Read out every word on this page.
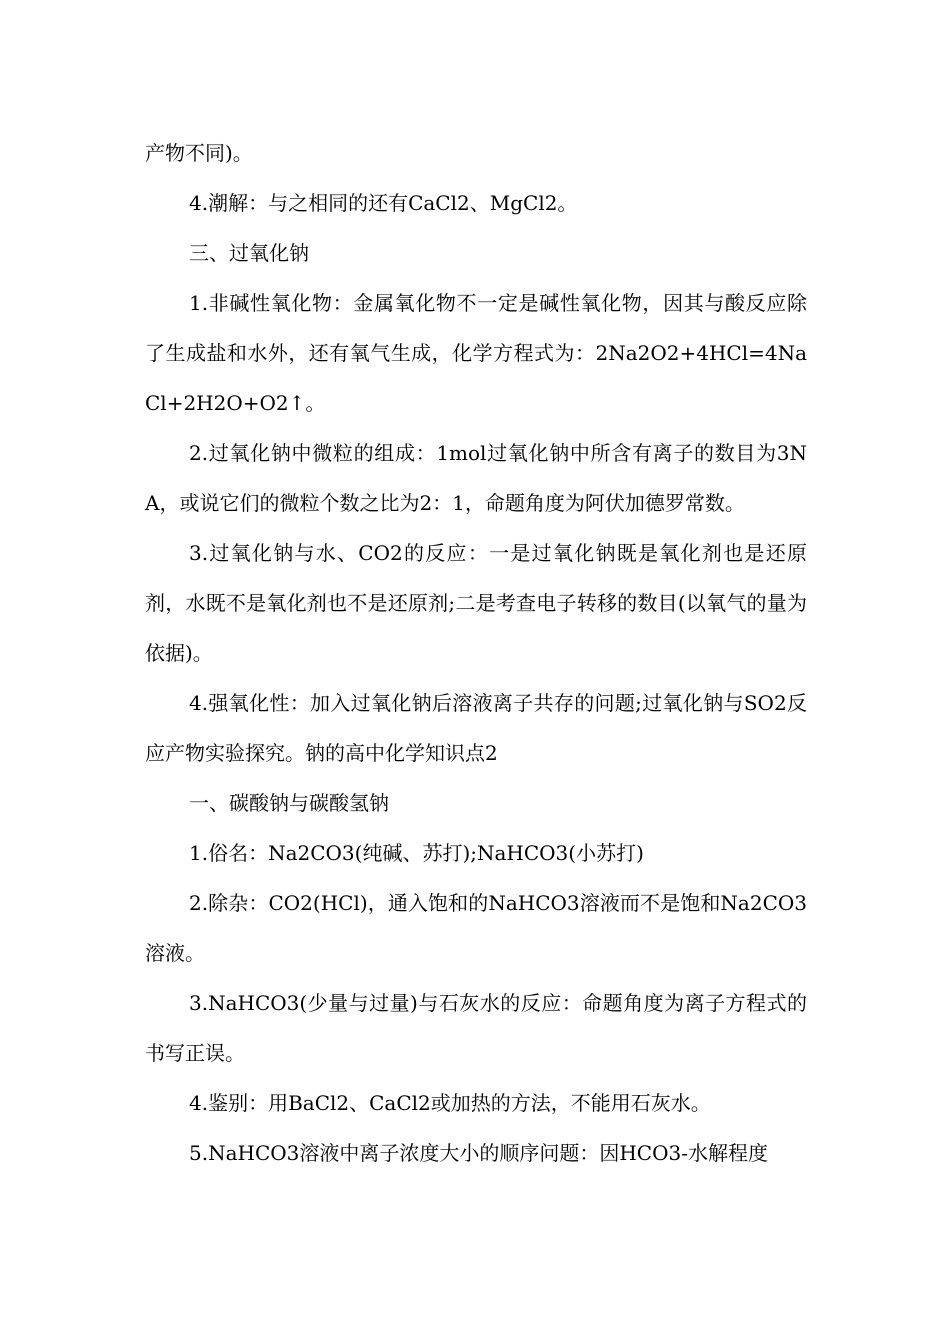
产物不同)。

4.潮解：与之相同的还有CaCl2、MgCl2。

三、过氧化钠

1.非碱性氧化物：金属氧化物不一定是碱性氧化物，因其与酸反应除了生成盐和水外，还有氧气生成，化学方程式为：2Na2O2+4HCl=4NaCl+2H2O+O2↑。

2.过氧化钠中微粒的组成：1mol过氧化钠中所含有离子的数目为3NA，或说它们的微粒个数之比为2：1，命题角度为阿伏加德罗常数。

3.过氧化钠与水、CO2的反应：一是过氧化钠既是氧化剂也是还原剂，水既不是氧化剂也不是还原剂;二是考查电子转移的数目(以氧气的量为依据)。

4.强氧化性：加入过氧化钠后溶液离子共存的问题;过氧化钠与SO2反应产物实验探究。钠的高中化学知识点2

一、碳酸钠与碳酸氢钠

1.俗名：Na2CO3(纯碱、苏打);NaHCO3(小苏打)

2.除杂：CO2(HCl)，通入饱和的NaHCO3溶液而不是饱和Na2CO3溶液。

3.NaHCO3(少量与过量)与石灰水的反应：命题角度为离子方程式的书写正误。

4.鉴别：用BaCl2、CaCl2或加热的方法，不能用石灰水。

5.NaHCO3溶液中离子浓度大小的顺序问题：因HCO3-水解程度
